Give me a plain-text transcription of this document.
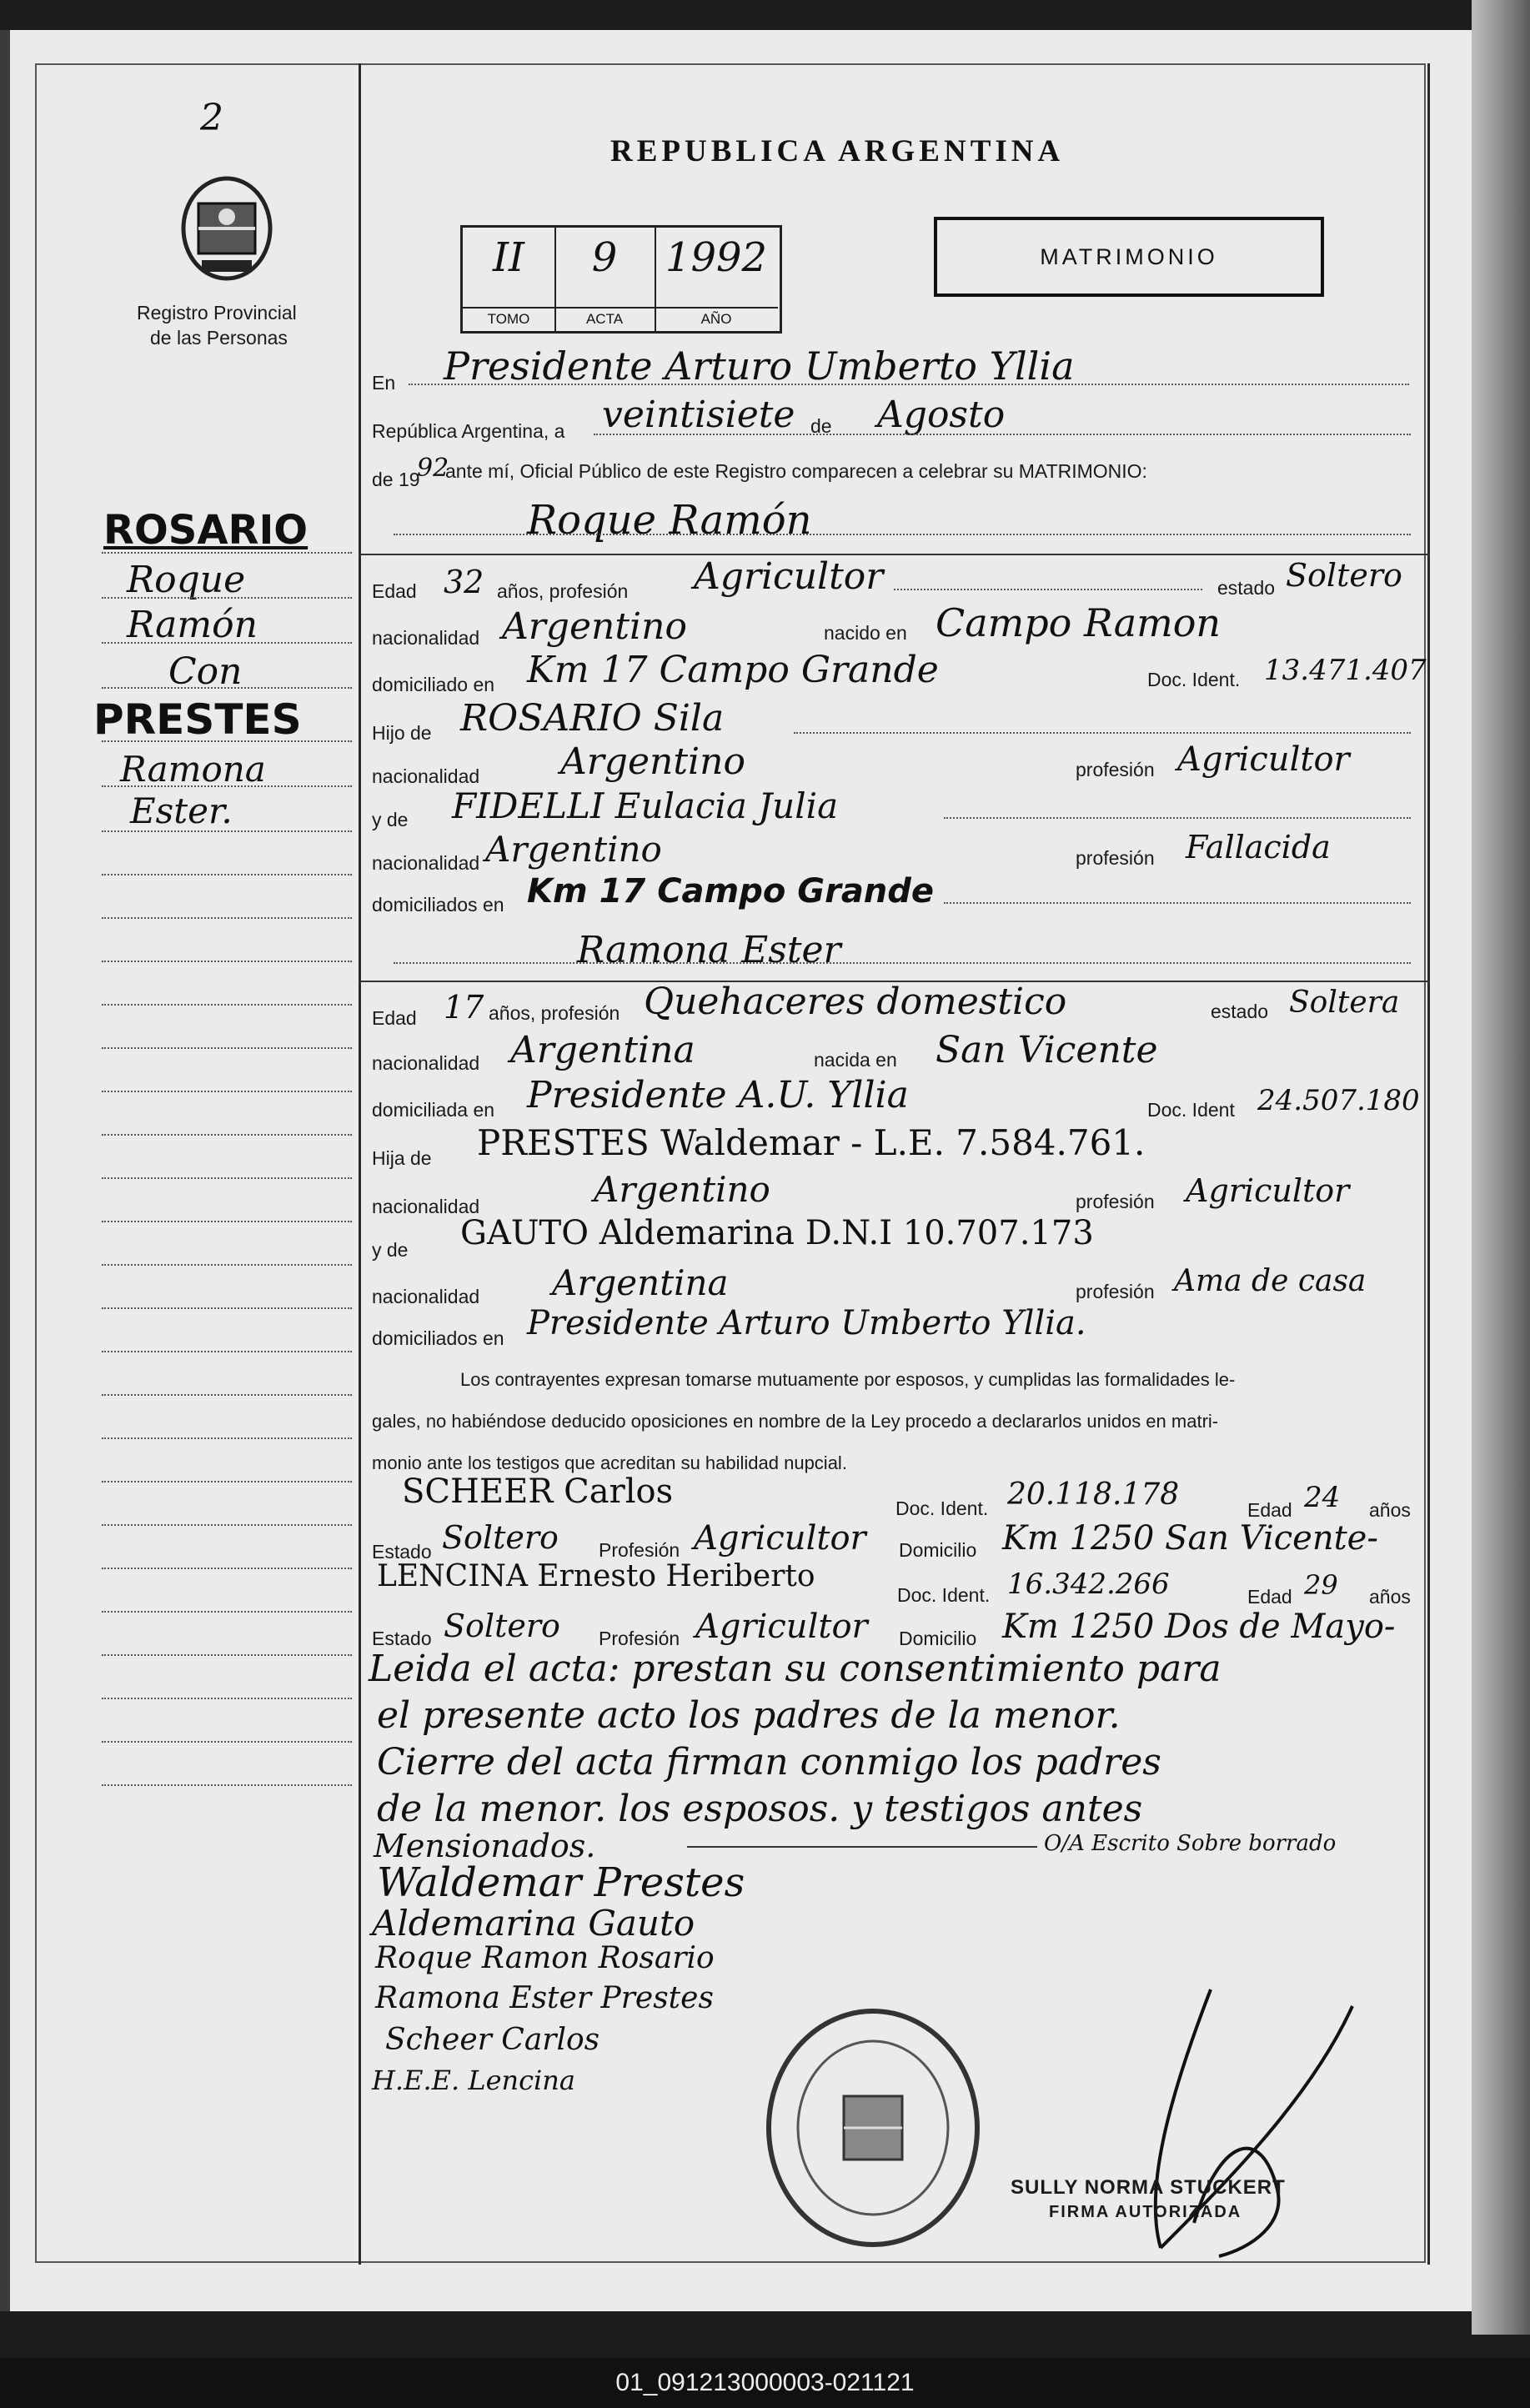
2
Registro Provincial
de las Personas
ROSARIO
Roque
Ramón
Con
PRESTES
Ramona
Ester.
REPUBLICA ARGENTINA
MATRIMONIO
II
TOMO
9
ACTA
1992
AÑO
En Presidente Arturo Umberto Yllia
República Argentina, a veintisiete de Agosto
de 19
92
ante mí, Oficial Público de este Registro comparecen a celebrar su MATRIMONIO:
Roque Ramón
Edad 32 años, profesión Agricultor	estado Soltero
nacionalidad Argentino	nacido en Campo Ramon
domiciliado en Km 17 Campo Grande	Doc. Ident. 13.471.407
Hijo de ROSARIO Sila
nacionalidad Argentino	profesión Agricultor
y de FIDELLI Eulacia Julia
nacionalidad Argentino	profesión Fallacida
domiciliados en Km 17 Campo Grande
Ramona Ester
Edad 17 años, profesión Quehaceres domestico	estado Soltera
nacionalidad Argentina	nacida en San Vicente
domiciliada en Presidente A.U. Yllia	Doc. Ident 24.507.180
Hija de PRESTES Waldemar - L.E. 7.584.761.
nacionalidad	Argentino	profesión Agricultor
y de GAUTO Aldemarina D.N.I 10.707.173
nacionalidad Argentina	profesión Ama de casa
domiciliados en Presidente Arturo Umberto Yllia.
Los contrayentes expresan tomarse mutuamente por esposos, y cumplidas las formalidades le-
gales, no habiéndose deducido oposiciones en nombre de la Ley procedo a declararlos unidos en matri-
monio ante los testigos que acreditan su habilidad nupcial.
SCHEER Carlos	Doc. Ident. 20.118.178	Edad 24 años
Estado Soltero Profesión Agricultor Domicilio Km 1250 San Vicente-
LENCINA Ernesto Heriberto
Doc. Ident. 16.342.266	Edad 29 años
Estado Soltero Profesión Agricultor Domicilio Km 1250 Dos de Mayo-
Leida el acta: prestan su consentimiento para
el presente acto los padres de la menor.
Cierre del acta firman conmigo los padres
de la menor. los esposos. y testigos antes
Mensionados.	O/A Escrito Sobre borrado
Waldemar Prestes
Aldemarina Gauto
Roque Ramon Rosario
Ramona Ester Prestes
Scheer Carlos
H.E.E. Lencina
SULLY NORMA STUCKERT
FIRMA AUTORIZADA
01_091213000003-021121
